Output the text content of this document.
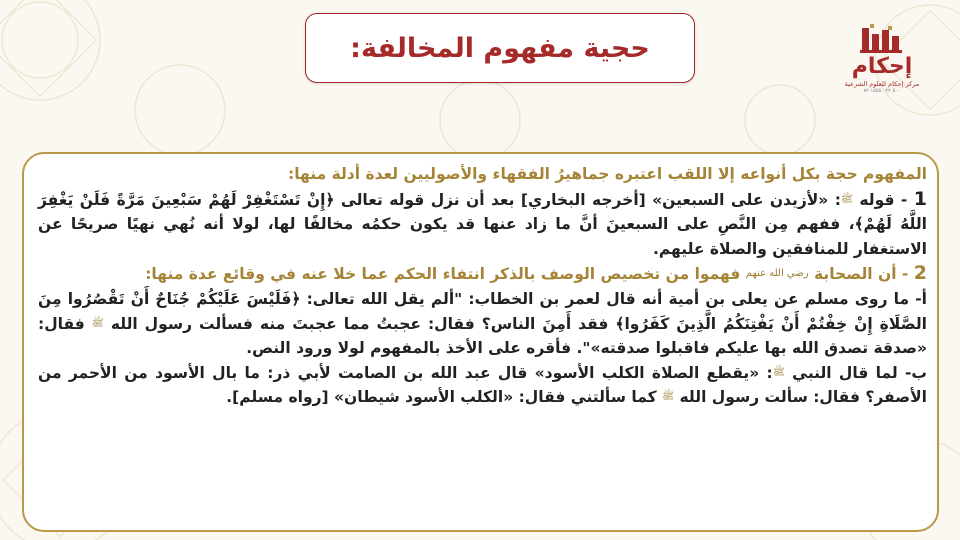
حجية مفهوم المخالفة:
إحكام
مركز إحكام للعلوم الشرعية
٥٠٠ ٠٢٢ ١٥٥٥ ٨٢

المفهوم حجة بكل أنواعه إلا اللقب اعتبره جماهيرُ الفقهاء والأصوليين لعدة أدلة منها:

1 - قوله ﷺ: «لأزيدن على السبعين» [أخرجه البخاري] بعد أن نزل قوله تعالى ﴿إِنْ تَسْتَغْفِرْ لَهُمْ سَبْعِينَ مَرَّةً فَلَنْ يَغْفِرَ اللَّهُ لَهُمْ﴾، ففهم مِن النَّصِ على السبعينَ أنَّ ما زاد عنها قد يكون حكمُه مخالفًا لها، لولا أنه نُهي نهيًا صريحًا عن الاستغفار للمنافقين والصلاة عليهم.

2 - أن الصحابة رضي الله عنهم فهموا من تخصيص الوصف بالذكر انتفاء الحكم عما خلا عنه في وقائع عدة منها:

أ- ما روى مسلم عن يعلى بن أمية أنه قال لعمر بن الخطاب: "ألم يقل الله تعالى: ﴿فَلَيْسَ عَلَيْكُمْ جُنَاحٌ أَنْ تَقْصُرُوا مِنَ الصَّلَاةِ إِنْ خِفْتُمْ أَنْ يَفْتِنَكُمُ الَّذِينَ كَفَرُوا﴾ فقد أَمِنَ الناس؟ فقال: عجبتُ مما عجبتَ منه فسألت رسول الله ﷺ فقال: «صدقة تصدق الله بها عليكم فاقبلوا صدقته»". فأقره على الأخذ بالمفهوم لولا ورود النص.

ب- لما قال النبي ﷺ: «يقطع الصلاة الكلب الأسود» قال عبد الله بن الصامت لأبي ذر: ما بال الأسود من الأحمر من الأصفر؟ فقال: سألت رسول الله ﷺ كما سألتني فقال: «الكلب الأسود شيطان» [رواه مسلم].
